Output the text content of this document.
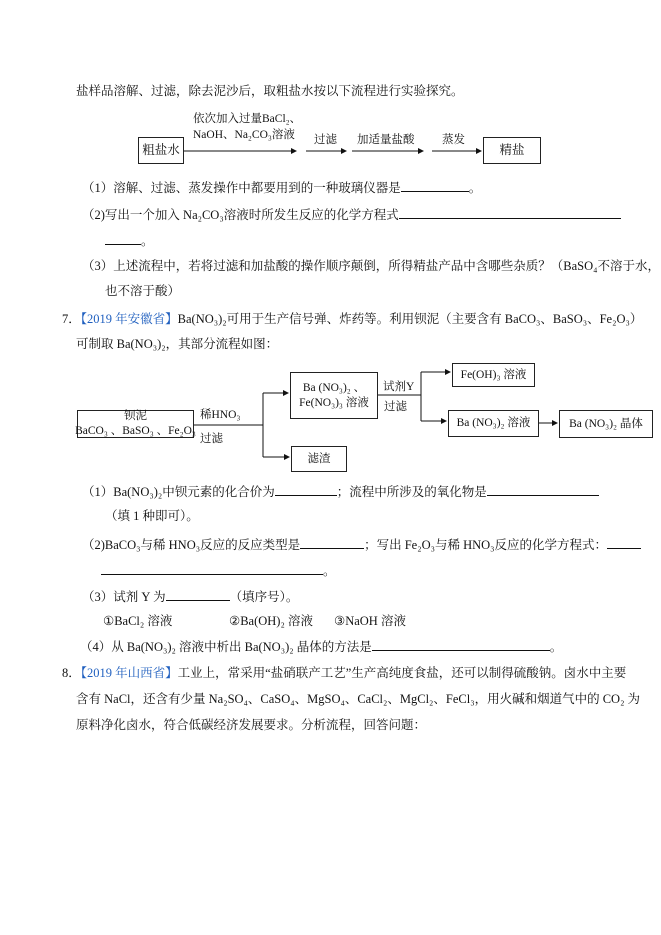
盐样品溶解、过滤，除去泥沙后，取粗盐水按以下流程进行实验探究。
粗盐水
依次加入过量BaCl₂、
NaOH、Na₂CO₃溶液 过滤 加适量盐酸 蒸发
精盐
（1）溶解、过滤、蒸发操作中都要用到的一种玻璃仪器是	。
（2)写出一个加入 Na₂CO₃溶液时所发生反应的化学方程式
。
（3）上述流程中，若将过滤和加盐酸的操作顺序颠倒，所得精盐产品中含哪些杂质？（BaSO₄不溶于水，
也不溶于酸）
7．【2019 年安徽省】Ba(NO₃)₂可用于生产信号弹、炸药等。利用钡泥（主要含有 BaCO₃、BaSO₃、Fe₂O₃）
可制取 Ba(NO₃)₂，其部分流程如图：
钡泥
BaCO₃ 、BaSO₃ 、Fe₂O₃
稀HNO₃
过滤
Ba (NO₃)₂ 、
Fe(NO₃)₃ 溶液
滤渣
试剂Y
过滤
Fe(OH)₃ 溶液
Ba (NO₃)₂ 溶液	Ba (NO₃)₂ 晶体
（1）Ba(NO₃)₂中钡元素的化合价为	；流程中所涉及的氧化物是
（填 1 种即可）。
（2)BaCO₃与稀 HNO₃反应的反应类型是	；写出 Fe₂O₃与稀 HNO₃反应的化学方程式：
。
（3）试剂 Y 为	（填序号）。
①BaCl₂ 溶液	②Ba(OH)₂ 溶液 ③NaOH 溶液
（4）从 Ba(NO₃)₂ 溶液中析出 Ba(NO₃)₂ 晶体的方法是	。
8．【2019 年山西省】工业上，常采用“盐硝联产工艺”生产高纯度食盐，还可以制得硫酸钠。卤水中主要
含有 NaCl，还含有少量 Na₂SO₄、CaSO₄、MgSO₄、CaCl₂、MgCl₂、FeCl₃，用火碱和烟道气中的 CO₂ 为
原料净化卤水，符合低碳经济发展要求。分析流程，回答问题：
